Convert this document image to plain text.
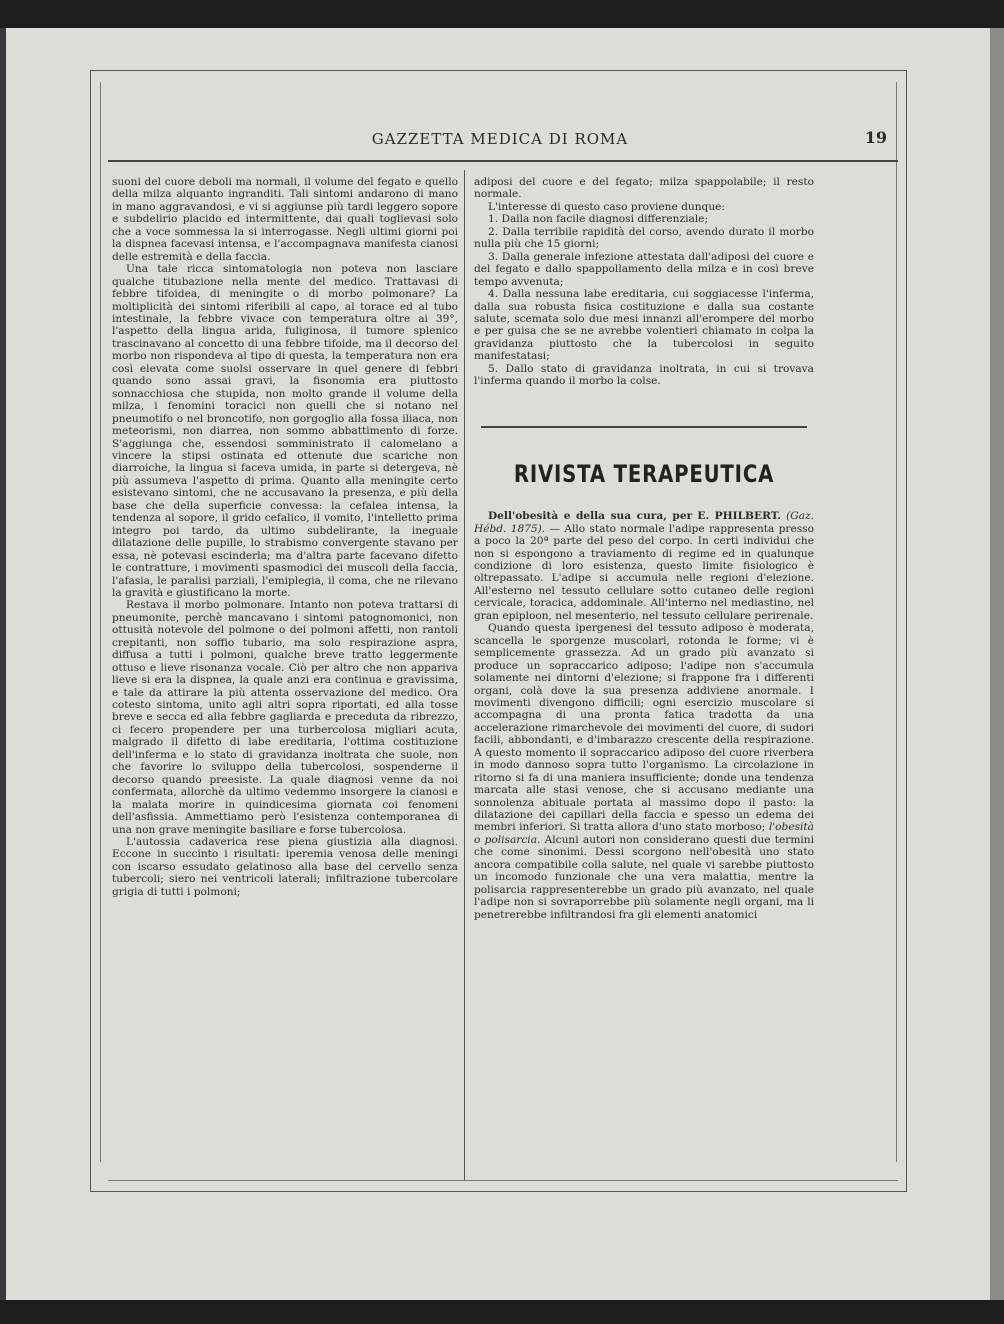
GAZZETTA MEDICA DI ROMA	19

suoni del cuore deboli ma normali, il volume del fegato e quello della milza alquanto ingranditi. Tali sintomi andarono di mano in mano aggravandosi, e vi si aggiunse più tardi leggero sopore e subdelirio placido ed intermittente, dai quali toglievasi solo che a voce sommessa la si interrogasse. Negli ultimi giorni poi la dispnea facevasi intensa, e l'accompagnava manifesta cianosi delle estremità e della faccia.

Una tale ricca sintomatologia non poteva non lasciare qualche titubazione nella mente del medico. Trattavasi di febbre tifoidea, di meningite o di morbo polmonare? La moltiplicità dei sintomi riferibili al capo, al torace ed al tubo intestinale, la febbre vivace con temperatura oltre ai 39°, l'aspetto della lingua arida, fuliginosa, il tumore splenico trascinavano al concetto di una febbre tifoide, ma il decorso del morbo non rispondeva al tipo di questa, la temperatura non era così elevata come suolsi osservare in quel genere di febbri quando sono assai gravi, la fisonomia era piuttosto sonnacchiosa che stupida, non molto grande il volume della milza, i fenomini toracici non quelli che si notano nel pneumotifo o nel broncotifo, non gorgoglio alla fossa iliaca, non meteorismi, non diarrea, non sommo abbattimento di forze. S'aggiunga che, essendosi somministrato il calomelano a vincere la stipsi ostinata ed ottenute due scariche non diarroiche, la lingua si faceva umida, in parte si detergeva, nè più assumeva l'aspetto di prima. Quanto alla meningite certo esistevano sintomi, che ne accusavano la presenza, e più della base che della superficie convessa: la cefalea intensa, la tendenza al sopore, il grido cefalico, il vomito, l'intelletto prima integro poi tardo, da ultimo subdelirante, la ineguale dilatazione delle pupille, lo strabismo convergente stavano per essa, nè potevasi escinderla; ma d'altra parte facevano difetto le contratture, i movimenti spasmodici dei muscoli della faccia, l'afasia, le paralisi parziali, l'emiplegia, il coma, che ne rilevano la gravità e giustificano la morte.

Restava il morbo polmonare. Intanto non poteva trattarsi di pneumonite, perchè mancavano i sintomi patognomonici, non ottusità notevole del polmone o dei polmoni affetti, non rantoli crepitanti, non soffio tubario, ma solo respirazione aspra, diffusa a tutti i polmoni, qualche breve tratto leggermente ottuso e lieve risonanza vocale. Ciò per altro che non appariva lieve si era la dispnea, la quale anzi era continua e gravissima, e tale da attirare la più attenta osservazione del medico. Ora cotesto sintoma, unito agli altri sopra riportati, ed alla tosse breve e secca ed alla febbre gagliarda e preceduta da ribrezzo, ci fecero propendere per una turbercolosa migliari acuta, malgrado il difetto di labe ereditaria, l'ottima costituzione dell'inferma e lo stato di gravidanza inoltrata che suole, non che favorire lo sviluppo della tubercolosi, sospenderne il decorso quando preesiste. La quale diagnosi venne da noi confermata, allorchè da ultimo vedemmo insorgere la cianosi e la malata morire in quindicesima giornata coi fenomeni dell'asfissia. Ammettiamo però l'esistenza contemporanea di una non grave meningite basiliare e forse tubercolosa.

L'autossia cadaverica rese piena giustizia alla diagnosi. Eccone in succinto i risultati: iperemia venosa delle meningi con iscarso essudato gelatinoso alla base del cervello senza tubercoli; siero nei ventricoli laterali; infiltrazione tubercolare grigia di tutti i polmoni;

adiposi del cuore e del fegato; milza spappolabile; il resto normale.

L'interesse di questo caso proviene dunque:

1. Dalla non facile diagnosi differenziale;
2. Dalla terribile rapidità del corso, avendo durato il morbo nulla più che 15 giorni;
3. Dalla generale infezione attestata dall'adiposi del cuore e del fegato e dallo spappollamento della milza e in così breve tempo avvenuta;
4. Dalla nessuna labe ereditaria, cui soggiacesse l'inferma, dalla sua robusta fisica costituzione e dalla sua costante salute, scemata solo due mesi innanzi all'erompere del morbo e per guisa che se ne avrebbe volentieri chiamato in colpa la gravidanza piuttosto che la tubercolosi in seguito manifestatasi;
5. Dallo stato di gravidanza inoltrata, in cui si trovava l'inferma quando il morbo la colse.
RIVISTA TERAPEUTICA

Dell'obesità e della sua cura, per E. PHILBERT. (Gaz. Hébd. 1875). — Allo stato normale l'adipe rappresenta presso a poco la 20ª parte del peso del corpo. In certi individui che non si espongono a traviamento di regime ed in qualunque condizione di loro esistenza, questo limite fisiologico è oltrepassato. L'adipe si accumula nelle regioni d'elezione. All'esterno nel tessuto cellulare sotto cutaneo delle regioni cervicale, toracica, addominale. All'interno nel mediastino, nel gran epiploon, nel mesenterio, nel tessuto cellulare perirenale.

Quando questa ipergenesi del tessuto adiposo è moderata, scancella le sporgenze muscolari, rotonda le forme; vi è semplicemente grassezza. Ad un grado più avanzato si produce un sopraccarico adiposo; l'adipe non s'accumula solamente nei dintorni d'elezione; si frappone fra i differenti organi, colà dove la sua presenza addiviene anormale. I movimenti divengono difficili; ogni esercizio muscolare si accompagna di una pronta fatica tradotta da una accelerazione rimarchevole dei movimenti del cuore, di sudori facili, abbondanti, e d'imbarazzo crescente della respirazione. A questo momento il sopraccarico adiposo del cuore riverbera in modo dannoso sopra tutto l'organismo. La circolazione in ritorno si fa di una maniera insufficiente; donde una tendenza marcata alle stasi venose, che si accusano mediante una sonnolenza abituale portata al massimo dopo il pasto: la dilatazione dei capillari della faccia e spesso un edema dei membri inferiori. Si tratta allora d'uno stato morboso; l'obesità o polisarcia. Alcuni autori non considerano questi due termini che come sinonimi. Dessi scorgono nell'obesità uno stato ancora compatibile colla salute, nel quale vi sarebbe piuttosto un incomodo funzionale che una vera malattia, mentre la polisarcia rappresenterebbe un grado più avanzato, nel quale l'adipe non si sovraporrebbe più solamente negli organi, ma li penetrerebbe infiltrandosi fra gli elementi anatomici
